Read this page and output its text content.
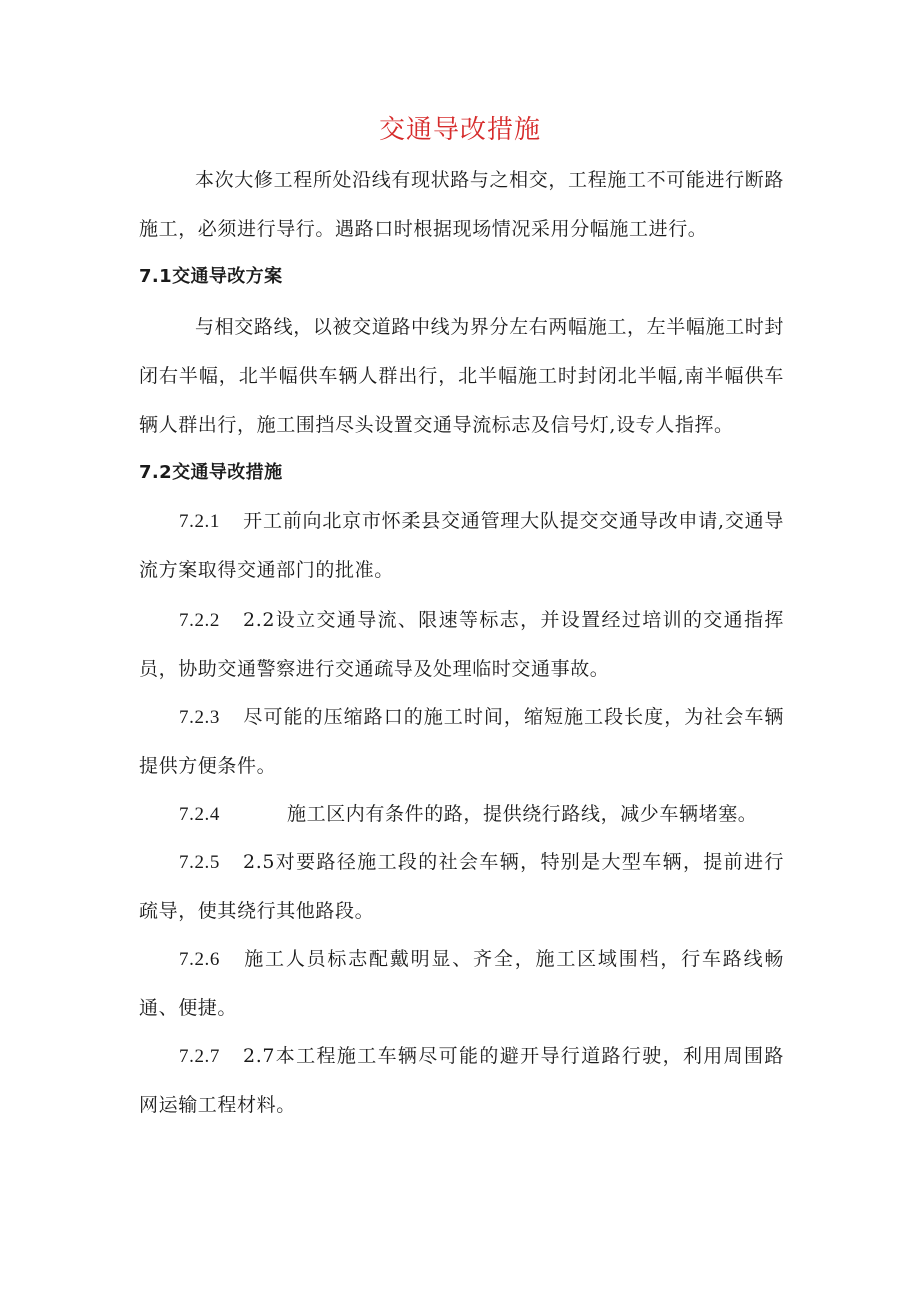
交通导改措施

本次大修工程所处沿线有现状路与之相交，工程施工不可能进行断路施工，必须进行导行。遇路口时根据现场情况采用分幅施工进行。

7.1交通导改方案

与相交路线，以被交道路中线为界分左右两幅施工，左半幅施工时封闭右半幅，北半幅供车辆人群出行，北半幅施工时封闭北半幅,南半幅供车辆人群出行，施工围挡尽头设置交通导流标志及信号灯,设专人指挥。

7.2交通导改措施

7.2.1 开工前向北京市怀柔县交通管理大队提交交通导改申请,交通导流方案取得交通部门的批准。

7.2.2 2.2设立交通导流、限速等标志，并设置经过培训的交通指挥员，协助交通警察进行交通疏导及处理临时交通事故。

7.2.3 尽可能的压缩路口的施工时间，缩短施工段长度，为社会车辆提供方便条件。

7.2.4	施工区内有条件的路，提供绕行路线，减少车辆堵塞。

7.2.5 2.5对要路径施工段的社会车辆，特别是大型车辆，提前进行疏导，使其绕行其他路段。

7.2.6 施工人员标志配戴明显、齐全，施工区域围档，行车路线畅通、便捷。

7.2.7 2.7本工程施工车辆尽可能的避开导行道路行驶，利用周围路网运输工程材料。
